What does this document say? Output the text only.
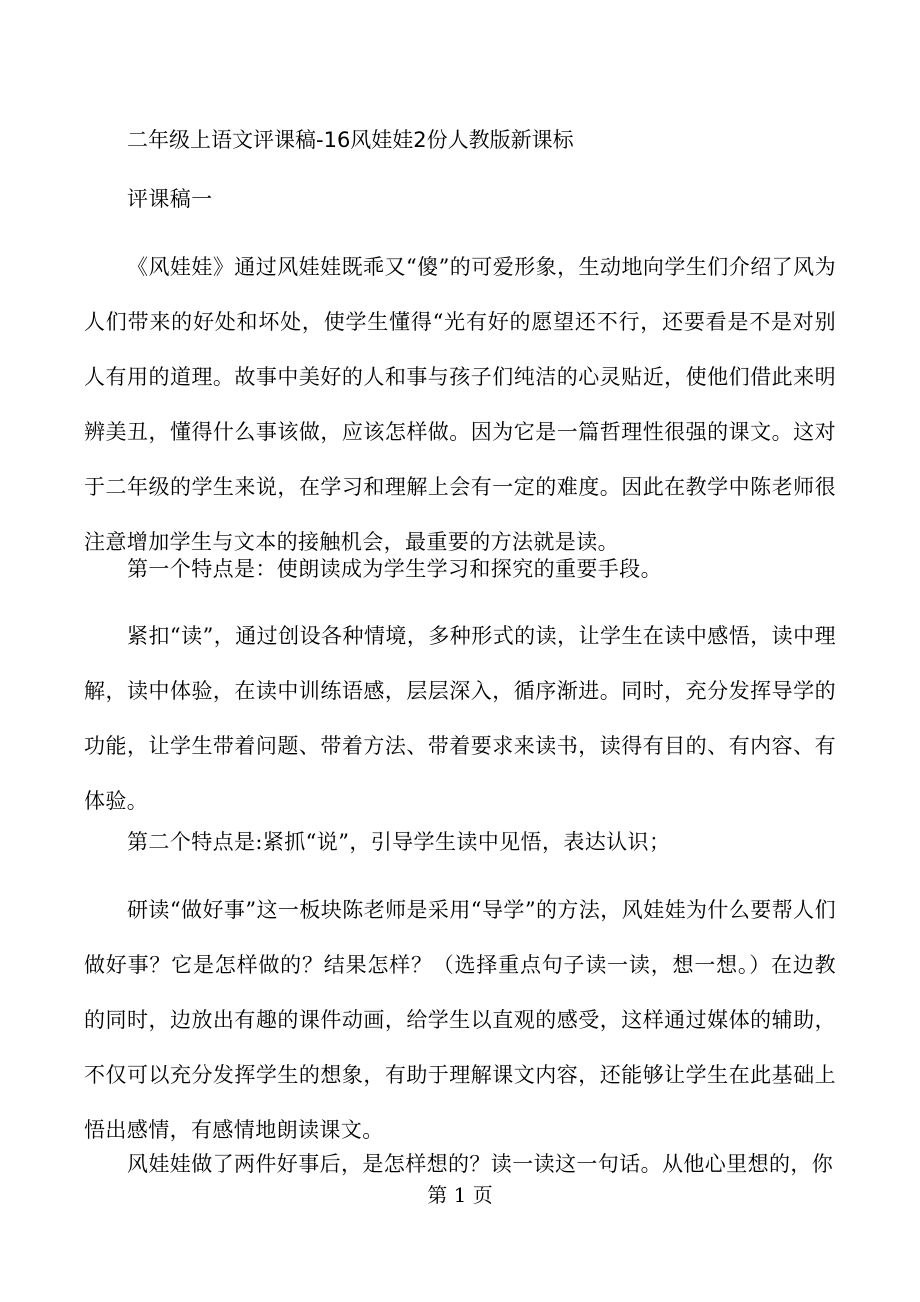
二年级上语文评课稿-16风娃娃2份人教版新课标
评课稿一
《风娃娃》通过风娃娃既乖又“傻”的可爱形象，生动地向学生们介绍了风为人们带来的好处和坏处，使学生懂得“光有好的愿望还不行，还要看是不是对别人有用的道理。故事中美好的人和事与孩子们纯洁的心灵贴近，使他们借此来明辨美丑，懂得什么事该做，应该怎样做。因为它是一篇哲理性很强的课文。这对于二年级的学生来说，在学习和理解上会有一定的难度。因此在教学中陈老师很注意增加学生与文本的接触机会，最重要的方法就是读。
第一个特点是：使朗读成为学生学习和探究的重要手段。
紧扣“读”，通过创设各种情境，多种形式的读，让学生在读中感悟，读中理解，读中体验，在读中训练语感，层层深入，循序渐进。同时，充分发挥导学的功能，让学生带着问题、带着方法、带着要求来读书，读得有目的、有内容、有体验。
第二个特点是:紧抓“说”，引导学生读中见悟，表达认识；
研读“做好事”这一板块陈老师是采用“导学”的方法，风娃娃为什么要帮人们做好事？它是怎样做的？结果怎样？（选择重点句子读一读，想一想。）在边教的同时，边放出有趣的课件动画，给学生以直观的感受，这样通过媒体的辅助，不仅可以充分发挥学生的想象，有助于理解课文内容，还能够让学生在此基础上悟出感情，有感情地朗读课文。
风娃娃做了两件好事后，是怎样想的？读一读这一句话。从他心里想的，你
第 1 页
